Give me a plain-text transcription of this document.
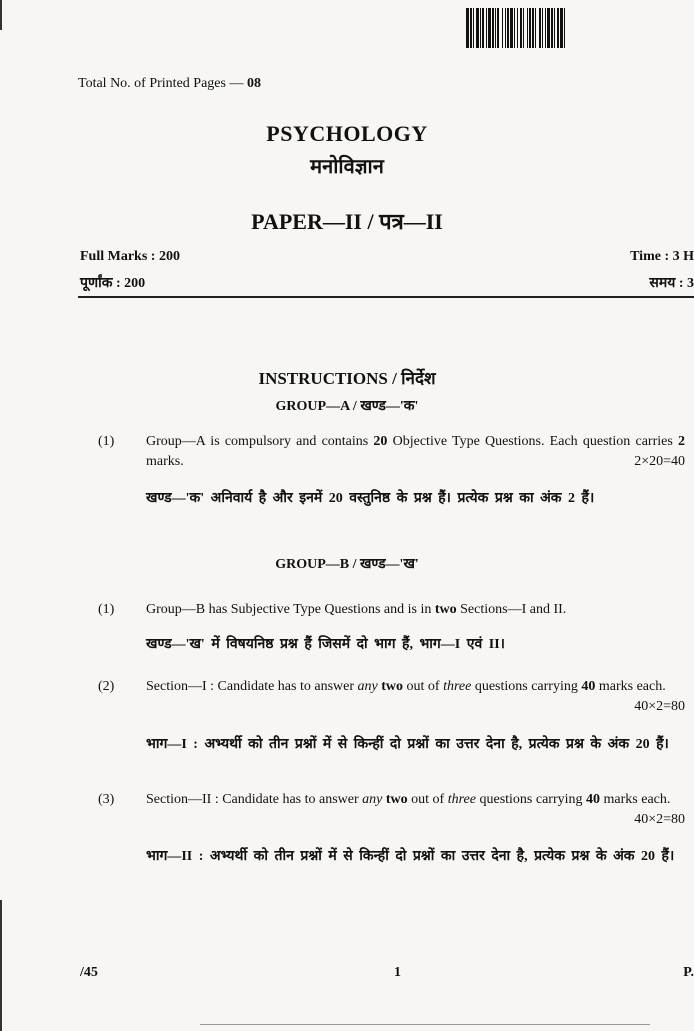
Total No. of Printed Pages — 08
PSYCHOLOGY
मनोविज्ञान
PAPER—II / पत्र—II
Full Marks : 200
पूर्णांक : 200
Time : 3 H
समय : 3
INSTRUCTIONS / निर्देश
GROUP—A / खण्ड—'क'
(1) Group—A is compulsory and contains 20 Objective Type Questions. Each question carries 2 marks.	2×20=40
खण्ड—'क' अनिवार्य है और इनमें 20 वस्तुनिष्ठ के प्रश्न हैं। प्रत्येक प्रश्न का अंक 2 हैं।
GROUP—B / खण्ड—'ख'
(1) Group—B has Subjective Type Questions and is in two Sections—I and II.
खण्ड—'ख' में विषयनिष्ठ प्रश्न हैं जिसमें दो भाग हैं, भाग—I एवं II।
(2) Section—I : Candidate has to answer any two out of three questions carrying 40 marks each.
40×2=80
भाग—I : अभ्यर्थी को तीन प्रश्नों में से किन्हीं दो प्रश्नों का उत्तर देना है, प्रत्येक प्रश्न के अंक 20 हैं।
(3) Section—II : Candidate has to answer any two out of three questions carrying 40 marks each.
40×2=80
भाग—II : अभ्यर्थी को तीन प्रश्नों में से किन्हीं दो प्रश्नों का उत्तर देना है, प्रत्येक प्रश्न के अंक 20 हैं।
/45	1	P.
